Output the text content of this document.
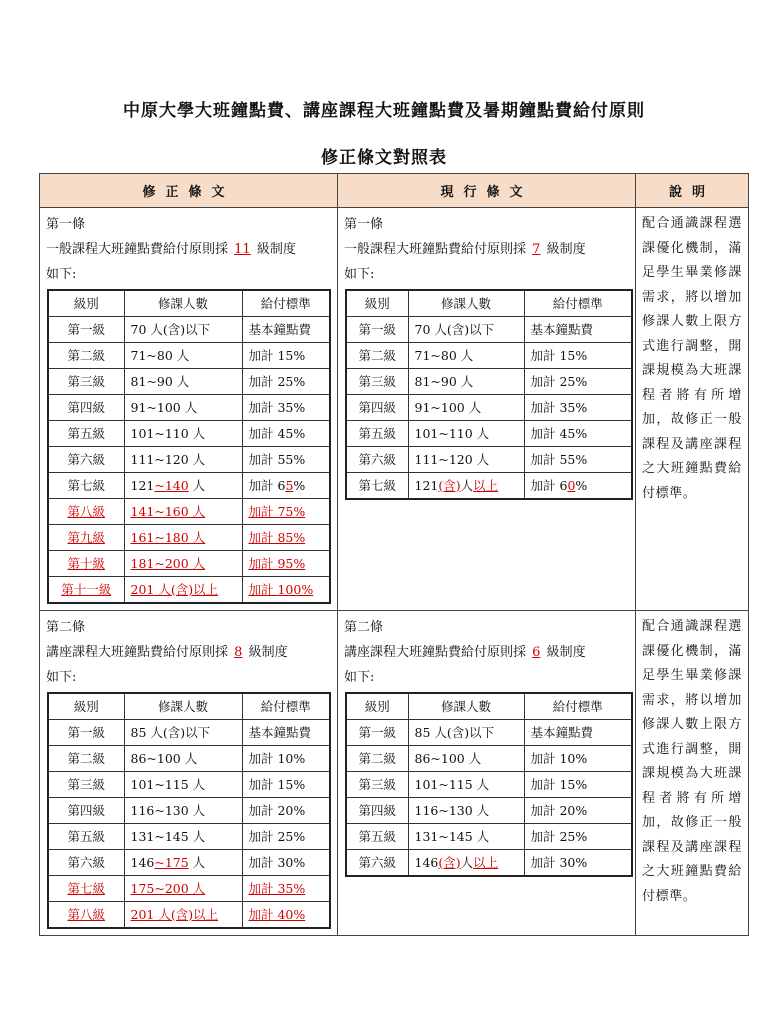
中原大學大班鐘點費、講座課程大班鐘點費及暑期鐘點費給付原則
修正條文對照表
修正條文	現行條文	說明

第一條
一般課程大班鐘點費給付原則採 11 級制度
如下:
級別	修課人數	給付標準
第一級	70 人(含)以下	基本鐘點費
第二級	71~80 人	加計 15%
第三級	81~90 人	加計 25%
第四級	91~100 人	加計 35%
第五級	101~110 人	加計 45%
第六級	111~120 人	加計 55%
第七級	121~140 人	加計 65%
第八級	141~160 人	加計 75%
第九級	161~180 人	加計 85%
第十級	181~200 人	加計 95%
第十一級	201 人(含)以上	加計 100%

第一條
一般課程大班鐘點費給付原則採 7 級制度
如下:
級別	修課人數	給付標準
第一級	70 人(含)以下	基本鐘點費
第二級	71~80 人	加計 15%
第三級	81~90 人	加計 25%
第四級	91~100 人	加計 35%
第五級	101~110 人	加計 45%
第六級	111~120 人	加計 55%
第七級	121(含)人以上	加計 60%

配合通識課程選課優化機制，滿足學生畢業修課需求，將以增加修課人數上限方式進行調整，開課規模為大班課程者將有所增加，故修正一般課程及講座課程之大班鐘點費給付標準。

第二條
講座課程大班鐘點費給付原則採 8 級制度
如下:
級別	修課人數	給付標準
第一級	85 人(含)以下	基本鐘點費
第二級	86~100 人	加計 10%
第三級	101~115 人	加計 15%
第四級	116~130 人	加計 20%
第五級	131~145 人	加計 25%
第六級	146~175 人	加計 30%
第七級	175~200 人	加計 35%
第八級	201 人(含)以上	加計 40%

第二條
講座課程大班鐘點費給付原則採 6 級制度
如下:
級別	修課人數	給付標準
第一級	85 人(含)以下	基本鐘點費
第二級	86~100 人	加計 10%
第三級	101~115 人	加計 15%
第四級	116~130 人	加計 20%
第五級	131~145 人	加計 25%
第六級	146(含)人以上	加計 30%

配合通識課程選課優化機制，滿足學生畢業修課需求，將以增加修課人數上限方式進行調整，開課規模為大班課程者將有所增加，故修正一般課程及講座課程之大班鐘點費給付標準。
